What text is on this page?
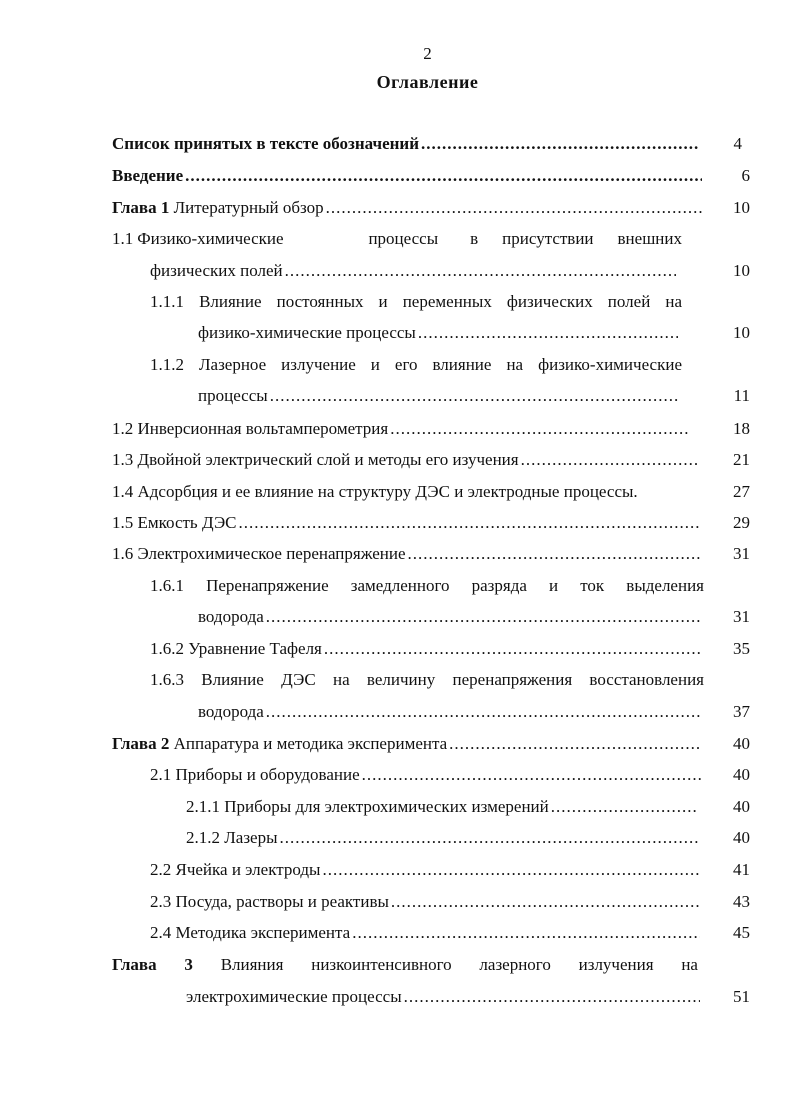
2
Оглавление
Список принятых в тексте обозначений .....	4
Введение .....	6
Глава 1 Литературный обзор .....	10
1.1 Физико-химические	процессы в присутствии внешних
физических полей .....	10
1.1.1 Влияние постоянных и переменных физических полей на
физико-химические процессы .....	10
1.1.2 Лазерное излучение и его влияние на физико-химические
процессы .....	11
1.2 Инверсионная вольтамперометрия .....	18
1.3 Двойной электрический слой и методы его изучения .....	21
1.4 Адсорбция и ее влияние на структуру ДЭС и электродные процессы.	27
1.5 Емкость ДЭС .....	29
1.6 Электрохимическое перенапряжение .....	31
1.6.1 Перенапряжение замедленного разряда и ток выделения
водорода .....	31
1.6.2 Уравнение Тафеля .....	35
1.6.3 Влияние ДЭС на величину перенапряжения восстановления
водорода .....	37
Глава 2 Аппаратура и методика эксперимента .....	40
2.1 Приборы и оборудование .....	40
2.1.1 Приборы для электрохимических измерений .....	40
2.1.2 Лазеры .....	40
2.2 Ячейка и электроды .....	41
2.3 Посуда, растворы и реактивы .....	43
2.4 Методика эксперимента .....	45
Глава 3 Влияния низкоинтенсивного лазерного излучения на
электрохимические процессы .....	51
